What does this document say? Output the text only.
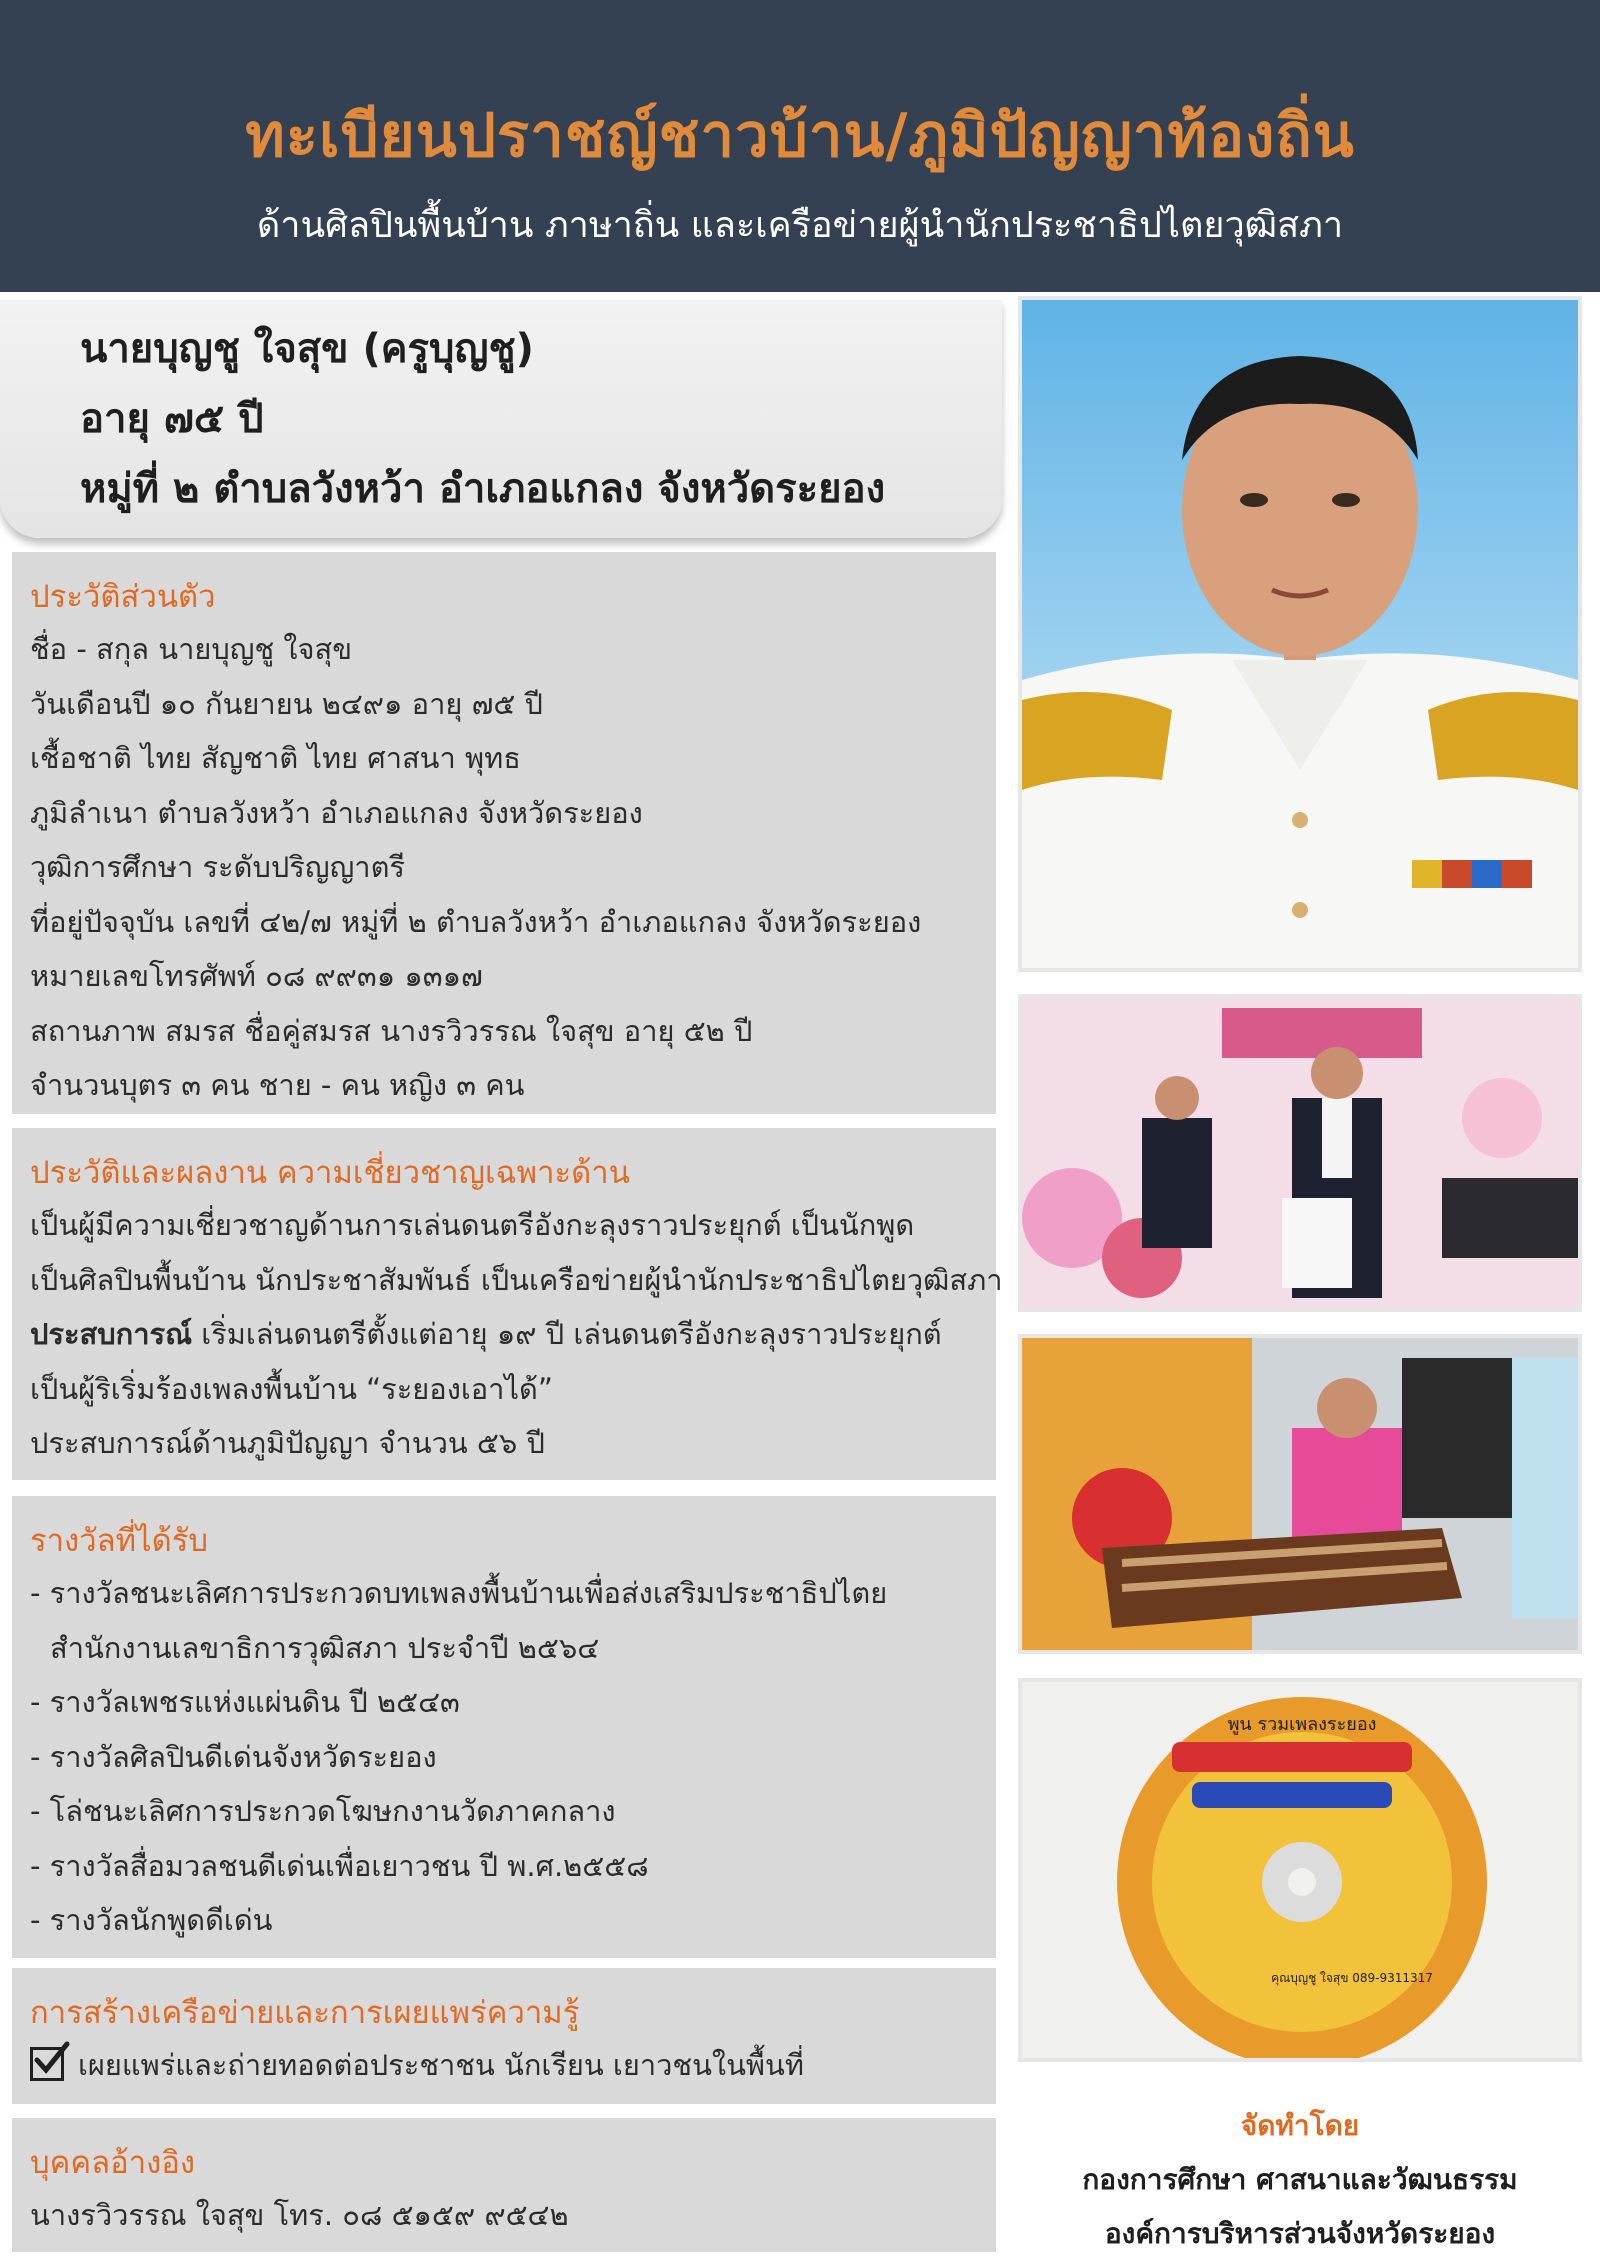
ทะเบียนปราชญ์ชาวบ้าน/ภูมิปัญญาท้องถิ่น
ด้านศิลปินพื้นบ้าน ภาษาถิ่น และเครือข่ายผู้นำนักประชาธิปไตยวุฒิสภา
นายบุญชู ใจสุข (ครูบุญชู)
อายุ ๗๕ ปี
หมู่ที่ ๒ ตำบลวังหว้า อำเภอแกลง จังหวัดระยอง
ประวัติส่วนตัว
ชื่อ - สกุล นายบุญชู ใจสุข
วันเดือนปี ๑๐ กันยายน ๒๔๙๑ อายุ ๗๕ ปี
เชื้อชาติ ไทย สัญชาติ ไทย ศาสนา พุทธ
ภูมิลำเนา ตำบลวังหว้า อำเภอแกลง จังหวัดระยอง
วุฒิการศึกษา ระดับปริญญาตรี
ที่อยู่ปัจจุบัน เลขที่ ๔๒/๗ หมู่ที่ ๒ ตำบลวังหว้า อำเภอแกลง จังหวัดระยอง
หมายเลขโทรศัพท์ ๐๘ ๙๙๓๑ ๑๓๑๗
สถานภาพ สมรส ชื่อคู่สมรส นางรวิวรรณ ใจสุข อายุ ๕๒ ปี
จำนวนบุตร ๓ คน ชาย - คน หญิง ๓ คน
ประวัติและผลงาน ความเชี่ยวชาญเฉพาะด้าน
เป็นผู้มีความเชี่ยวชาญด้านการเล่นดนตรีอังกะลุงราวประยุกต์ เป็นนักพูด
เป็นศิลปินพื้นบ้าน นักประชาสัมพันธ์ เป็นเครือข่ายผู้นำนักประชาธิปไตยวุฒิสภา
ประสบการณ์ เริ่มเล่นดนตรีตั้งแต่อายุ ๑๙ ปี เล่นดนตรีอังกะลุงราวประยุกต์
เป็นผู้ริเริ่มร้องเพลงพื้นบ้าน “ระยองเอาได้”
ประสบการณ์ด้านภูมิปัญญา จำนวน ๕๖ ปี
รางวัลที่ได้รับ
- รางวัลชนะเลิศการประกวดบทเพลงพื้นบ้านเพื่อส่งเสริมประชาธิปไตย
สำนักงานเลขาธิการวุฒิสภา ประจำปี ๒๕๖๔
- รางวัลเพชรแห่งแผ่นดิน ปี ๒๕๔๓
- รางวัลศิลปินดีเด่นจังหวัดระยอง
- โล่ชนะเลิศการประกวดโฆษกงานวัดภาคกลาง
- รางวัลสื่อมวลชนดีเด่นเพื่อเยาวชน ปี พ.ศ.๒๕๕๘
- รางวัลนักพูดดีเด่น
การสร้างเครือข่ายและการเผยแพร่ความรู้
เผยแพร่และถ่ายทอดต่อประชาชน นักเรียน เยาวชนในพื้นที่
บุคคลอ้างอิง
นางรวิวรรณ ใจสุข โทร. ๐๘ ๕๑๕๙ ๙๕๔๒
พูน รวมเพลงระยอง
คุณบุญชู ใจสุข 089-9311317
จัดทำโดย
กองการศึกษา ศาสนาและวัฒนธรรม
องค์การบริหารส่วนจังหวัดระยอง
